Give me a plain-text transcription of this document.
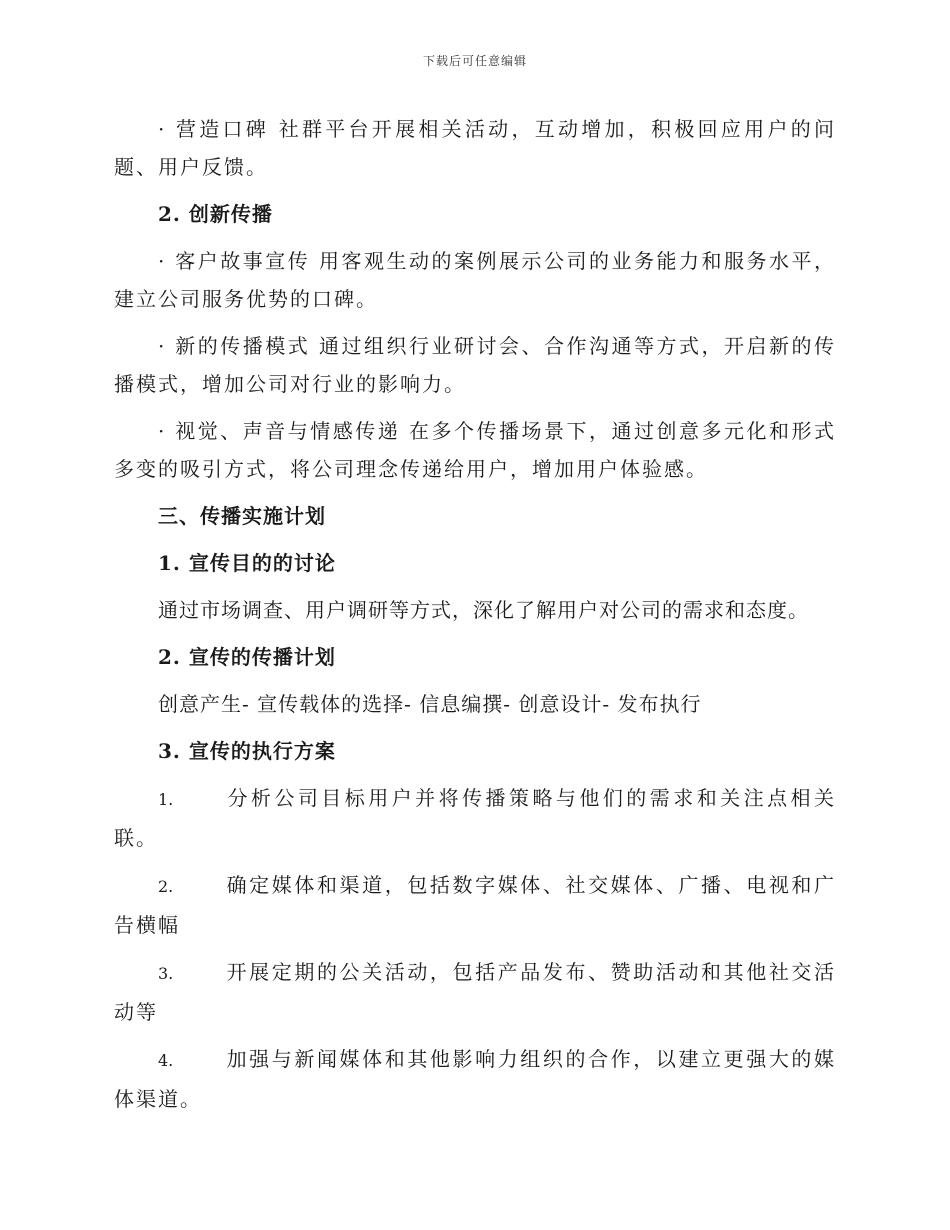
下载后可任意编辑

· 营造口碑 社群平台开展相关活动，互动增加，积极回应用户的问题、用户反馈。

2. 创新传播

· 客户故事宣传 用客观生动的案例展示公司的业务能力和服务水平，建立公司服务优势的口碑。

· 新的传播模式 通过组织行业研讨会、合作沟通等方式，开启新的传播模式，增加公司对行业的影响力。

· 视觉、声音与情感传递 在多个传播场景下，通过创意多元化和形式多变的吸引方式，将公司理念传递给用户，增加用户体验感。

三、传播实施计划

1. 宣传目的的讨论

通过市场调查、用户调研等方式，深化了解用户对公司的需求和态度。

2. 宣传的传播计划

创意产生- 宣传载体的选择- 信息编撰- 创意设计- 发布执行

3. 宣传的执行方案

1.	分析公司目标用户并将传播策略与他们的需求和关注点相关联。

2.	确定媒体和渠道，包括数字媒体、社交媒体、广播、电视和广告横幅

3.	开展定期的公关活动，包括产品发布、赞助活动和其他社交活动等

4.	加强与新闻媒体和其他影响力组织的合作，以建立更强大的媒体渠道。
